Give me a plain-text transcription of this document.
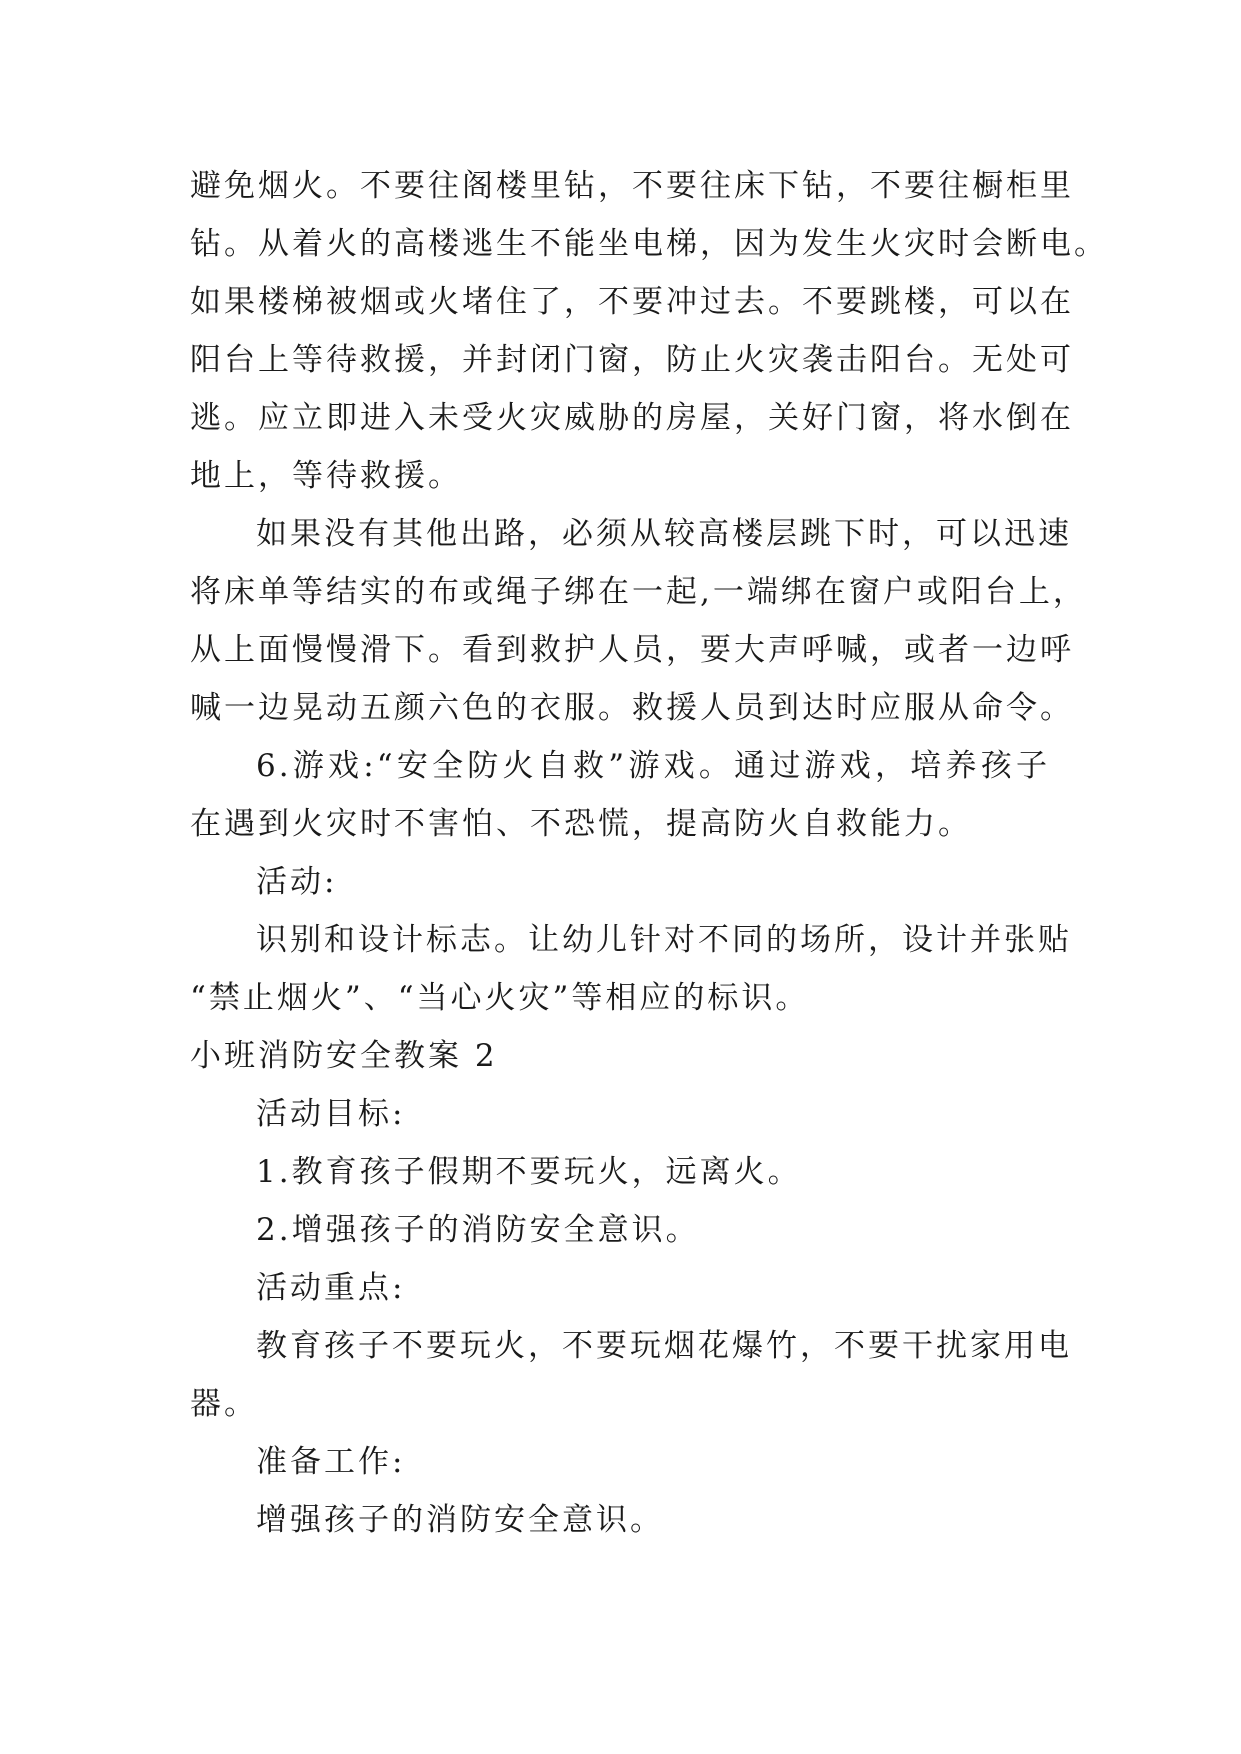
避免烟火。不要往阁楼里钻，不要往床下钻，不要往橱柜里
钻。从着火的高楼逃生不能坐电梯，因为发生火灾时会断电。
如果楼梯被烟或火堵住了，不要冲过去。不要跳楼，可以在
阳台上等待救援，并封闭门窗，防止火灾袭击阳台。无处可
逃。应立即进入未受火灾威胁的房屋，关好门窗，将水倒在
地上，等待救援。
如果没有其他出路，必须从较高楼层跳下时，可以迅速
将床单等结实的布或绳子绑在一起,一端绑在窗户或阳台上，
从上面慢慢滑下。看到救护人员，要大声呼喊，或者一边呼
喊一边晃动五颜六色的衣服。救援人员到达时应服从命令。
6.游戏:“安全防火自救”游戏。通过游戏，培养孩子
在遇到火灾时不害怕、不恐慌，提高防火自救能力。
活动:
识别和设计标志。让幼儿针对不同的场所，设计并张贴
“禁止烟火”、“当心火灾”等相应的标识。
小班消防安全教案 2
活动目标:
1.教育孩子假期不要玩火，远离火。
2.增强孩子的消防安全意识。
活动重点:
教育孩子不要玩火，不要玩烟花爆竹，不要干扰家用电
器。
准备工作:
增强孩子的消防安全意识。
